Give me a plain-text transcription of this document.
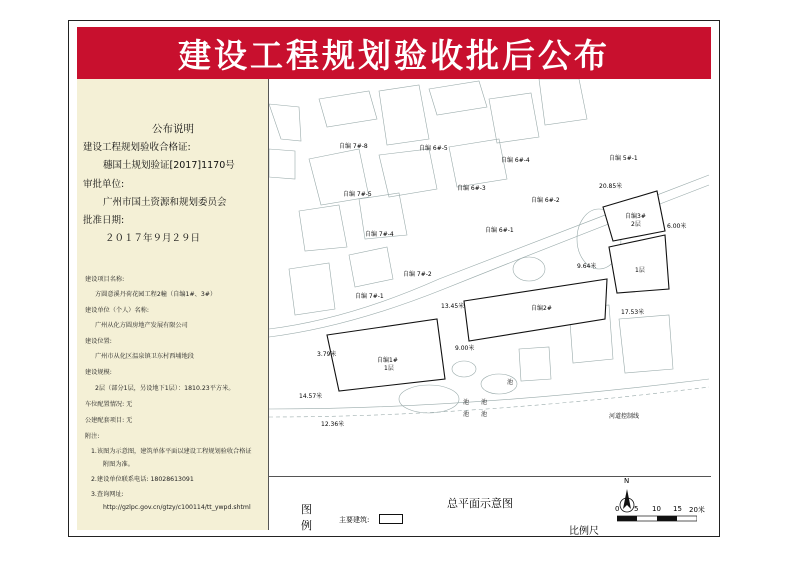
建设工程规划验收批后公布
公布说明
建设工程规划验收合格证:
穗国土规划验证[2017]1170号
审批单位:
广州市国土资源和规划委员会
批准日期:
２０１７年９月２９日
建设项目名称:
方圆意溪丹荷花园工程2幢（自编1#、3#）
建设单位（个人）名称:
广州从化方圆房地产发展有限公司
建设位置:
广州市从化区温泉镇卫东村西埔地段
建设规模:
2层（部分1层，另设地下1层）：1810.23平方米。
车位配置情况: 无
公建配套项目: 无
附注:
1.该图为示意图，建筑单体平面以建设工程规划验收合格证
附图为准。
2.建设单位联系电话: 18028613091
3.查询网址:
http://gzlpc.gov.cn/gtzy/c100114/tt_ywpd.shtml
自编 7#-8	自编 6#-5
自编 6#-4	自编 5#-1
自编 7#-5
自编 6#-3
自编 6#-2
自编 6#-1
自编 7#-4
自编 7#-2
自编 7#-1
自编1#
1层
自编2#
自编3#
2层
1层
20.85米
6.00米
9.64米
13.45米
17.53米
3.79米
9.00米
14.57米
12.36米
池
池 池
池 池	河道控制线
图
例	主要建筑:
总平面示意图
比例尺
N
0 5 10 15 20米
